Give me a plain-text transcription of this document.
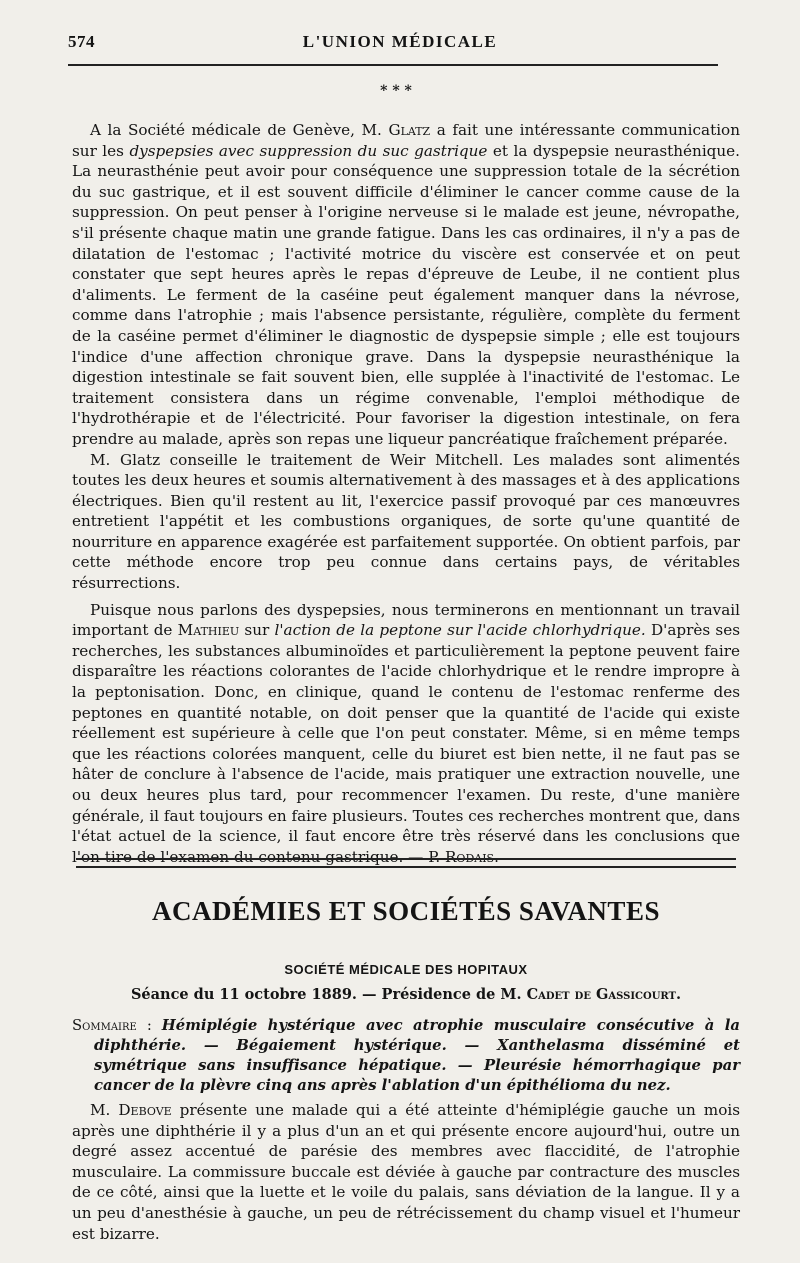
574	L'UNION MÉDICALE
* * *

A la Société médicale de Genève, M. Glatz a fait une intéressante communication sur les dyspepsies avec suppression du suc gastrique et la dyspepsie neurasthénique. La neurasthénie peut avoir pour conséquence une suppression totale de la sécrétion du suc gastrique, et il est souvent difficile d'éliminer le cancer comme cause de la suppression. On peut penser à l'origine nerveuse si le malade est jeune, névropathe, s'il présente chaque matin une grande fatigue. Dans les cas ordinaires, il n'y a pas de dilatation de l'estomac ; l'activité motrice du viscère est conservée et on peut constater que sept heures après le repas d'épreuve de Leube, il ne contient plus d'aliments. Le ferment de la caséine peut également manquer dans la névrose, comme dans l'atrophie ; mais l'absence persistante, régulière, complète du ferment de la caséine permet d'éliminer le diagnostic de dyspepsie simple ; elle est toujours l'indice d'une affection chronique grave. Dans la dyspepsie neurasthénique la digestion intestinale se fait souvent bien, elle supplée à l'inactivité de l'estomac. Le traitement consistera dans un régime convenable, l'emploi méthodique de l'hydrothérapie et de l'électricité. Pour favoriser la digestion intestinale, on fera prendre au malade, après son repas une liqueur pancréatique fraîchement préparée.

M. Glatz conseille le traitement de Weir Mitchell. Les malades sont alimentés toutes les deux heures et soumis alternativement à des massages et à des applications électriques. Bien qu'il restent au lit, l'exercice passif provoqué par ces manœuvres entretient l'appétit et les combustions organiques, de sorte qu'une quantité de nourriture en apparence exagérée est parfaitement supportée. On obtient parfois, par cette méthode encore trop peu connue dans certains pays, de véritables résurrections.

Puisque nous parlons des dyspepsies, nous terminerons en mentionnant un travail important de Mathieu sur l'action de la peptone sur l'acide chlorhydrique. D'après ses recherches, les substances albuminoïdes et particulièrement la peptone peuvent faire disparaître les réactions colorantes de l'acide chlorhydrique et le rendre impropre à la peptonisation. Donc, en clinique, quand le contenu de l'estomac renferme des peptones en quantité notable, on doit penser que la quantité de l'acide qui existe réellement est supérieure à celle que l'on peut constater. Même, si en même temps que les réactions colorées manquent, celle du biuret est bien nette, il ne faut pas se hâter de conclure à l'absence de l'acide, mais pratiquer une extraction nouvelle, une ou deux heures plus tard, pour recommencer l'examen. Du reste, d'une manière générale, il faut toujours en faire plusieurs. Toutes ces recherches montrent que, dans l'état actuel de la science, il faut encore être très réservé dans les conclusions que l'on tire de l'examen du contenu gastrique. — P. Rodais.

ACADÉMIES ET SOCIÉTÉS SAVANTES
SOCIÉTÉ MÉDICALE DES HOPITAUX
Séance du 11 octobre 1889. — Présidence de M. Cadet de Gassicourt.

Sommaire : Hémiplégie hystérique avec atrophie musculaire consécutive à la diphthérie. — Bégaiement hystérique. — Xanthelasma disséminé et symétrique sans insuffisance hépatique. — Pleurésie hémorrhagique par cancer de la plèvre cinq ans après l'ablation d'un épithélioma du nez.

M. Debove présente une malade qui a été atteinte d'hémiplégie gauche un mois après une diphthérie il y a plus d'un an et qui présente encore aujourd'hui, outre un degré assez accentué de parésie des membres avec flaccidité, de l'atrophie musculaire. La commissure buccale est déviée à gauche par contracture des muscles de ce côté, ainsi que la luette et le voile du palais, sans déviation de la langue. Il y a un peu d'anesthésie à gauche, un peu de rétrécissement du champ visuel et l'humeur est bizarre.
